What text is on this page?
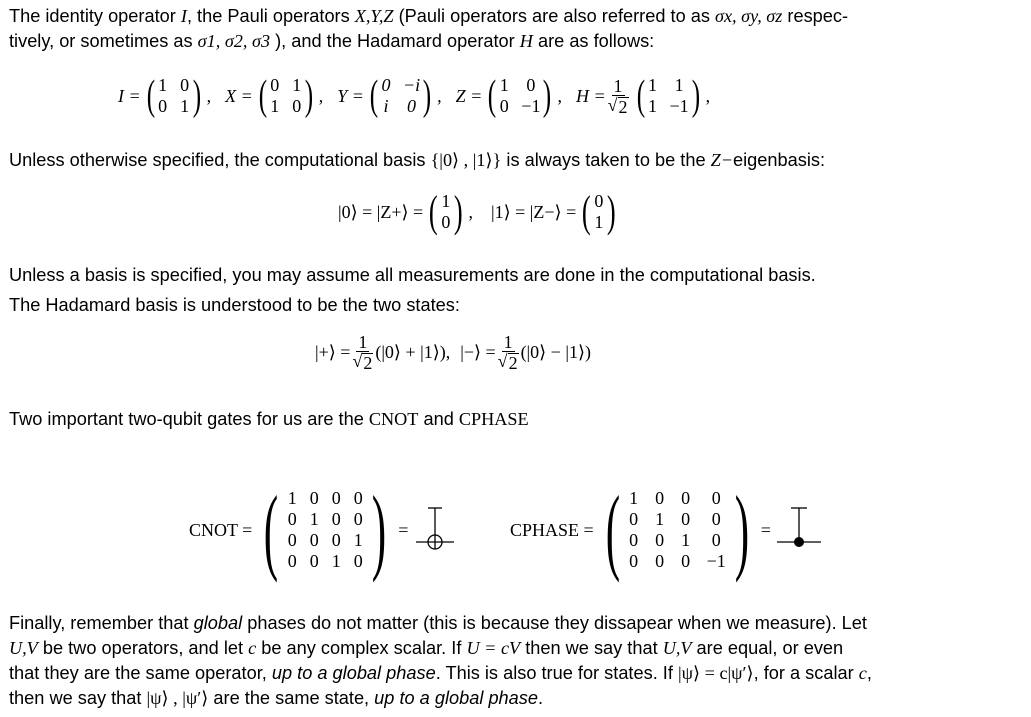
The identity operator I, the Pauli operators X,Y,Z (Pauli operators are also referred to as σx, σy, σz respec-
tively, or sometimes as σ1, σ2, σ3 ), and the Hadamard operator H are as follows:

I = ( 1 0
0 1 ) , X = ( 0 1
1 0 ) , Y = ( 0 −i
i 0 ) , Z = ( 1 0
0 −1 ) , $H = \frac{1}{√ 2}$ ( 1 1
1 −1 ) ,

Unless otherwise specified, the computational basis {|0⟩ , |1⟩} is always taken to be the Z−eigenbasis:

|0⟩ = |Z+⟩ = ( 1
0 ) , |1⟩ = |Z−⟩ = ( 0
1 )

Unless a basis is specified, you may assume all measurements are done in the computational basis.

The Hadamard basis is understood to be the two states:

|+⟩ = $\frac{1}{√ 2}$ (|0⟩ + |1⟩), |−⟩ = $\frac{1}{√ 2}$ (|0⟩ − |1⟩)

Two important two-qubit gates for us are the CNOT and CPHASE

CNOT = ( 1 0 0 0
0 1 0 0
0 0 0 1
0 0 1 0 ) =	CPHASE = ( 1 0 0 0
0 1 0 0
0 0 1 0
0 0 0 −1 ) =

Finally, remember that global phases do not matter (this is because they dissapear when we measure). Let
U,V be two operators, and let c be any complex scalar. If U = cV then we say that U,V are equal, or even
that they are the same operator, up to a global phase. This is also true for states. If |ψ⟩ = c|ψ′⟩, for a scalar c,
then we say that |ψ⟩ , |ψ′⟩ are the same state, up to a global phase.
